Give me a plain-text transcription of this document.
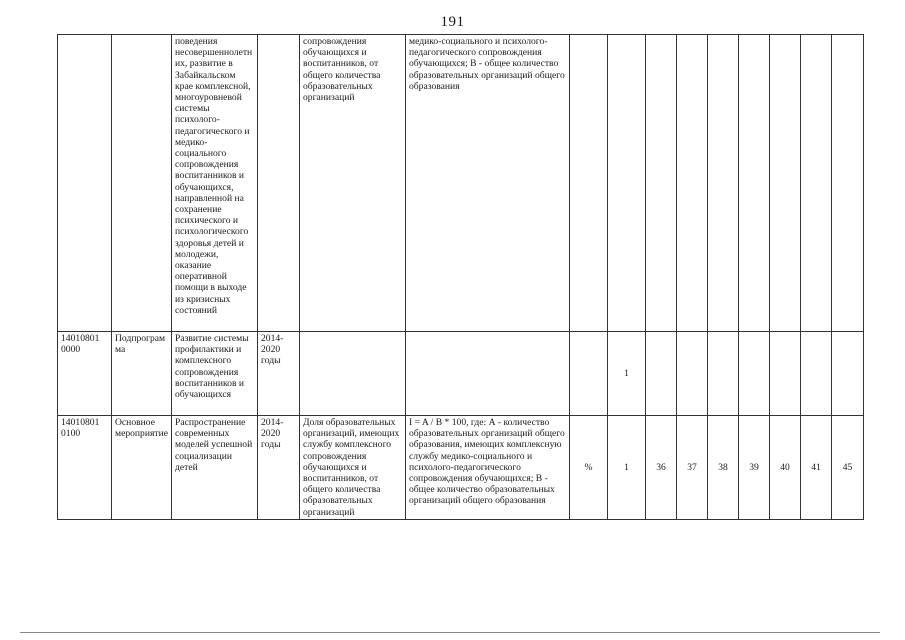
191
		поведения несовершеннолетних, развитие в Забайкальском крае комплексной, многоуровневой системы психолого-педагогического и медико-социального сопровождения воспитанников и обучающихся, направленной на сохранение психического и психологического здоровья детей и молодежи, оказание оперативной помощи в выходе из кризисных состояний		сопровождения обучающихся и воспитанников, от общего количества образовательных организаций	медико-социального и психолого-педагогического сопровождения обучающихся; В - общее количество образовательных организаций общего образования									
14010801 0000	Подпрограмма	Развитие системы профилактики и комплексного сопровождения воспитанников и обучающихся	2014-2020 годы				1							
14010801 0100	Основное мероприятие	Распространение современных моделей успешной социализации детей	2014-2020 годы	Доля образовательных организаций, имеющих службу комплексного сопровождения обучающихся и воспитанников, от общего количества образовательных организаций	I = A / B * 100, где: А - количество образовательных организаций общего образования, имеющих комплексную службу медико-социального и психолого-педагогического сопровождения обучающихся; В - общее количество образовательных организаций общего образования	%	1	36	37	38	39	40	41	45
